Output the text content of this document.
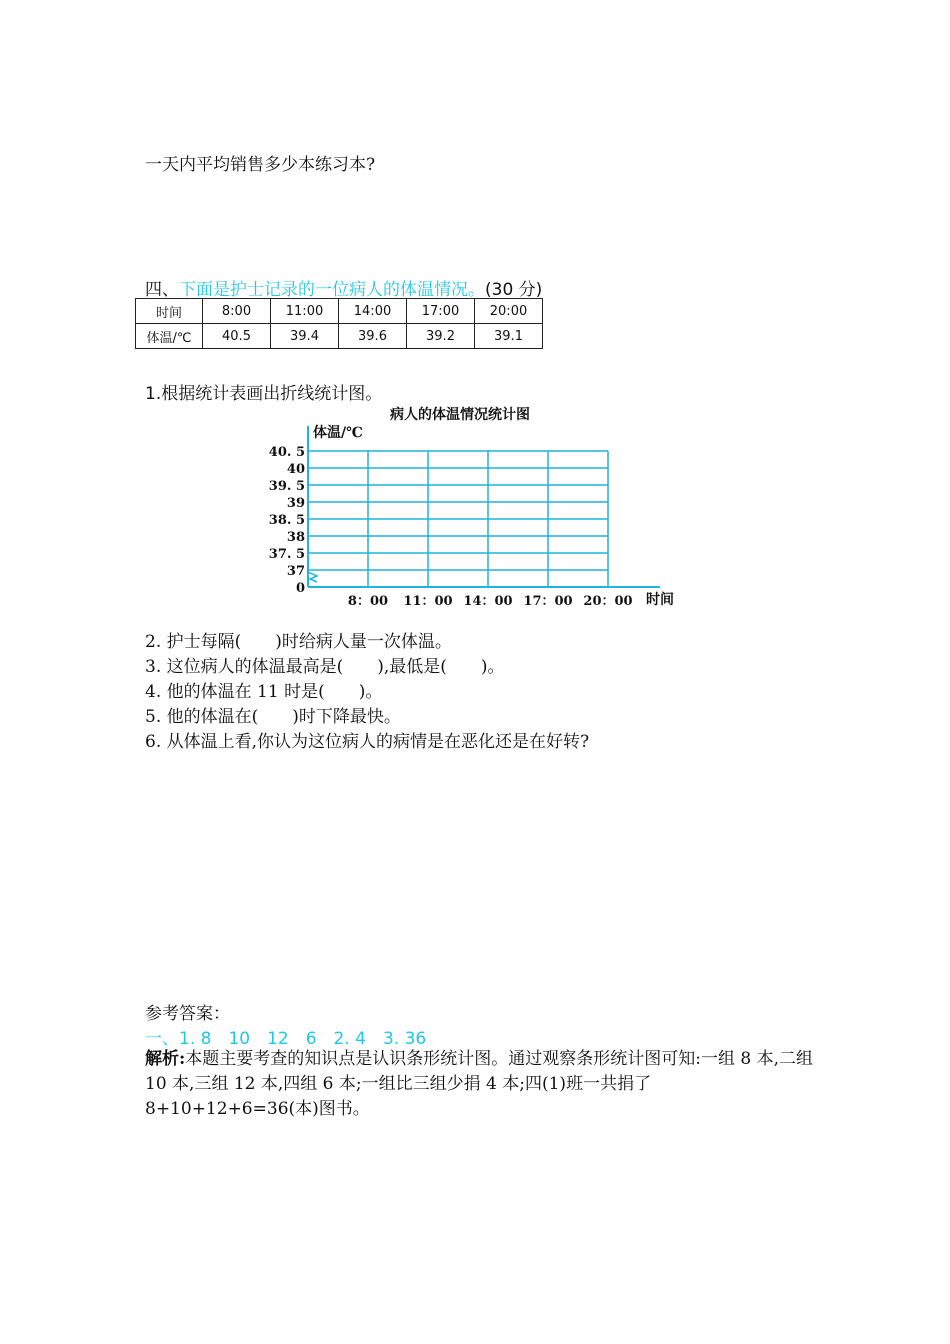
一天内平均销售多少本练习本?
四、下面是护士记录的一位病人的体温情况。(30 分)
时间	8:00	11:00	14:00	17:00	20:00
体温/℃	40.5	39.4	39.6	39.2	39.1
1.根据统计表画出折线统计图。
病人的体温情况统计图
0
37
37. 5
38
38. 5
39
39. 5
40
40. 5
8：00 11：00 14：00 17：00 20：00
体温/℃
时间
2. 护士每隔(　　)时给病人量一次体温。
3. 这位病人的体温最高是(　　),最低是(　　)。
4. 他的体温在 11 时是(　　)。
5. 他的体温在(　　)时下降最快。
6. 从体温上看,你认为这位病人的病情是在恶化还是在好转?
参考答案：
一、1. 8　10　12　6　2. 4　3. 36
解析:本题主要考查的知识点是认识条形统计图。通过观察条形统计图可知:一组 8 本,二组 10 本,三组 12 本,四组 6 本;一组比三组少捐 4 本;四(1)班一共捐了 8+10+12+6=36(本)图书。
